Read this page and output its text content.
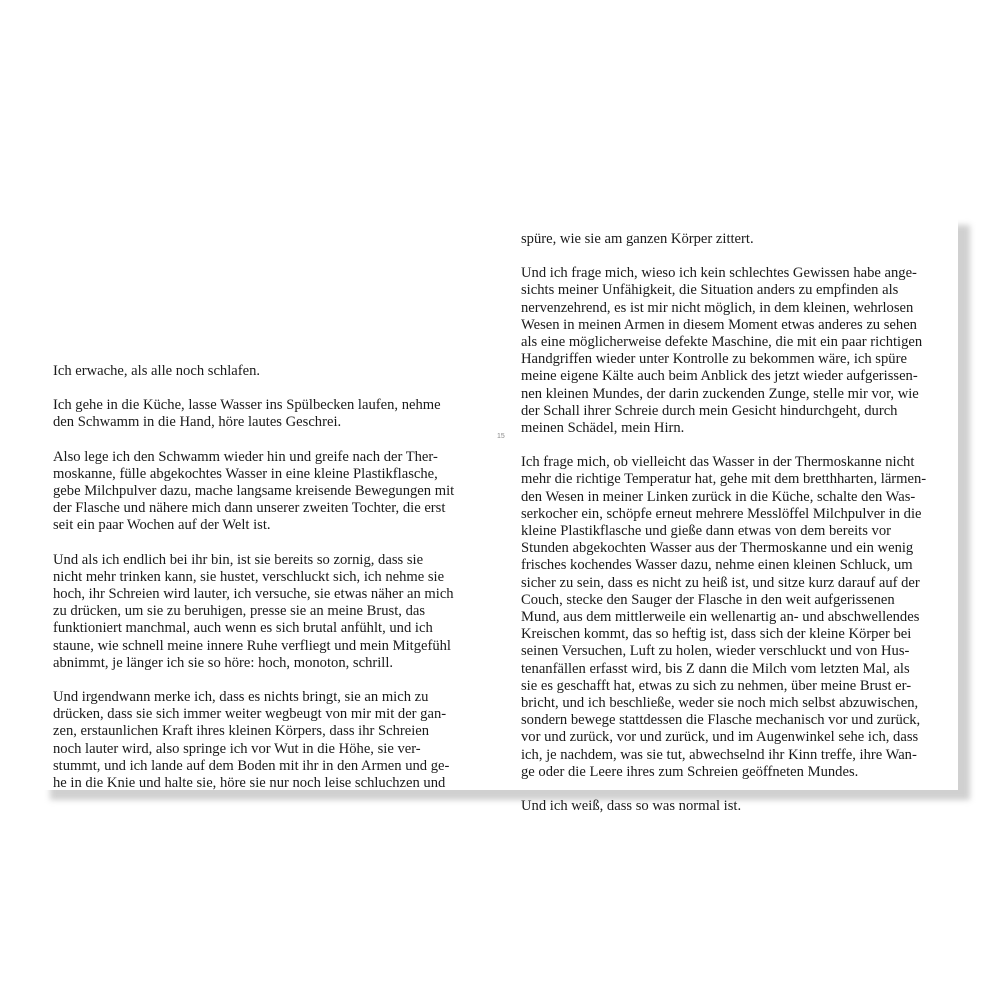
Ich erwache, als alle noch schlafen.

Ich gehe in die Küche, lasse Wasser ins Spülbecken laufen, nehme
den Schwamm in die Hand, höre lautes Geschrei.

Also lege ich den Schwamm wieder hin und greife nach der Ther-
moskanne, fülle abgekochtes Wasser in eine kleine Plastikflasche,
gebe Milchpulver dazu, mache langsame kreisende Bewegungen mit
der Flasche und nähere mich dann unserer zweiten Tochter, die erst
seit ein paar Wochen auf der Welt ist.

Und als ich endlich bei ihr bin, ist sie bereits so zornig, dass sie
nicht mehr trinken kann, sie hustet, verschluckt sich, ich nehme sie
hoch, ihr Schreien wird lauter, ich versuche, sie etwas näher an mich
zu drücken, um sie zu beruhigen, presse sie an meine Brust, das
funktioniert manchmal, auch wenn es sich brutal anfühlt, und ich
staune, wie schnell meine innere Ruhe verfliegt und mein Mitgefühl
abnimmt, je länger ich sie so höre: hoch, monoton, schrill.

Und irgendwann merke ich, dass es nichts bringt, sie an mich zu
drücken, dass sie sich immer weiter wegbeugt von mir mit der gan-
zen, erstaunlichen Kraft ihres kleinen Körpers, dass ihr Schreien
noch lauter wird, also springe ich vor Wut in die Höhe, sie ver-
stummt, und ich lande auf dem Boden mit ihr in den Armen und ge-
he in die Knie und halte sie, höre sie nur noch leise schluchzen und

15

spüre, wie sie am ganzen Körper zittert.

Und ich frage mich, wieso ich kein schlechtes Gewissen habe ange-
sichts meiner Unfähigkeit, die Situation anders zu empfinden als
nervenzehrend, es ist mir nicht möglich, in dem kleinen, wehrlosen
Wesen in meinen Armen in diesem Moment etwas anderes zu sehen
als eine möglicherweise defekte Maschine, die mit ein paar richtigen
Handgriffen wieder unter Kontrolle zu bekommen wäre, ich spüre
meine eigene Kälte auch beim Anblick des jetzt wieder aufgerissen-
nen kleinen Mundes, der darin zuckenden Zunge, stelle mir vor, wie
der Schall ihrer Schreie durch mein Gesicht hindurchgeht, durch
meinen Schädel, mein Hirn.

Ich frage mich, ob vielleicht das Wasser in der Thermoskanne nicht
mehr die richtige Temperatur hat, gehe mit dem bretthharten, lärmen-
den Wesen in meiner Linken zurück in die Küche, schalte den Was-
serkocher ein, schöpfe erneut mehrere Messlöffel Milchpulver in die
kleine Plastikflasche und gieße dann etwas von dem bereits vor
Stunden abgekochten Wasser aus der Thermoskanne und ein wenig
frisches kochendes Wasser dazu, nehme einen kleinen Schluck, um
sicher zu sein, dass es nicht zu heiß ist, und sitze kurz darauf auf der
Couch, stecke den Sauger der Flasche in den weit aufgerissenen
Mund, aus dem mittlerweile ein wellenartig an- und abschwellendes
Kreischen kommt, das so heftig ist, dass sich der kleine Körper bei
seinen Versuchen, Luft zu holen, wieder verschluckt und von Hus-
tenanfällen erfasst wird, bis Z dann die Milch vom letzten Mal, als
sie es geschafft hat, etwas zu sich zu nehmen, über meine Brust er-
bricht, und ich beschließe, weder sie noch mich selbst abzuwischen,
sondern bewege stattdessen die Flasche mechanisch vor und zurück,
vor und zurück, vor und zurück, und im Augenwinkel sehe ich, dass
ich, je nachdem, was sie tut, abwechselnd ihr Kinn treffe, ihre Wan-
ge oder die Leere ihres zum Schreien geöffneten Mundes.

Und ich weiß, dass so was normal ist.
